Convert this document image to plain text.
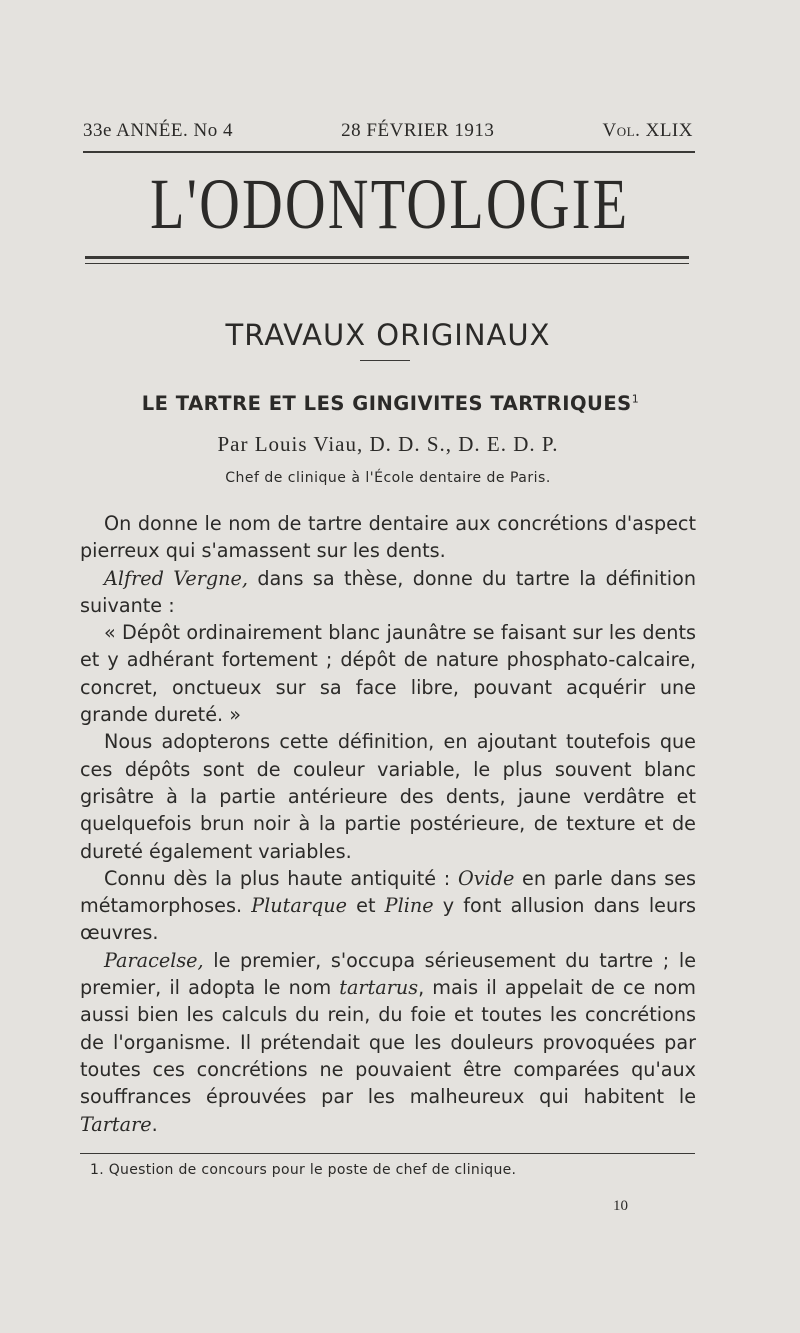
33e ANNÉE. No 4	28 FÉVRIER 1913	Vol. XLIX
L'ODONTOLOGIE
TRAVAUX ORIGINAUX
LE TARTRE ET LES GINGIVITES TARTRIQUES$^1$
Par Louis Viau, D. D. S., D. E. D. P.
Chef de clinique à l'École dentaire de Paris.

On donne le nom de tartre dentaire aux concrétions d'aspect pierreux qui s'amassent sur les dents.

Alfred Vergne, dans sa thèse, donne du tartre la définition suivante :

« Dépôt ordinairement blanc jaunâtre se faisant sur les dents et y adhérant fortement ; dépôt de nature phosphato-calcaire, concret, onctueux sur sa face libre, pouvant acquérir une grande dureté. »

Nous adopterons cette définition, en ajoutant toutefois que ces dépôts sont de couleur variable, le plus souvent blanc grisâtre à la partie antérieure des dents, jaune verdâtre et quelquefois brun noir à la partie postérieure, de texture et de dureté également variables.

Connu dès la plus haute antiquité : Ovide en parle dans ses métamorphoses. Plutarque et Pline y font allusion dans leurs œuvres.

Paracelse, le premier, s'occupa sérieusement du tartre ; le premier, il adopta le nom tartarus, mais il appelait de ce nom aussi bien les calculs du rein, du foie et toutes les concrétions de l'organisme. Il prétendait que les douleurs provoquées par toutes ces concrétions ne pouvaient être comparées qu'aux souffrances éprouvées par les malheureux qui habitent le Tartare.

1. Question de concours pour le poste de chef de clinique.
10
